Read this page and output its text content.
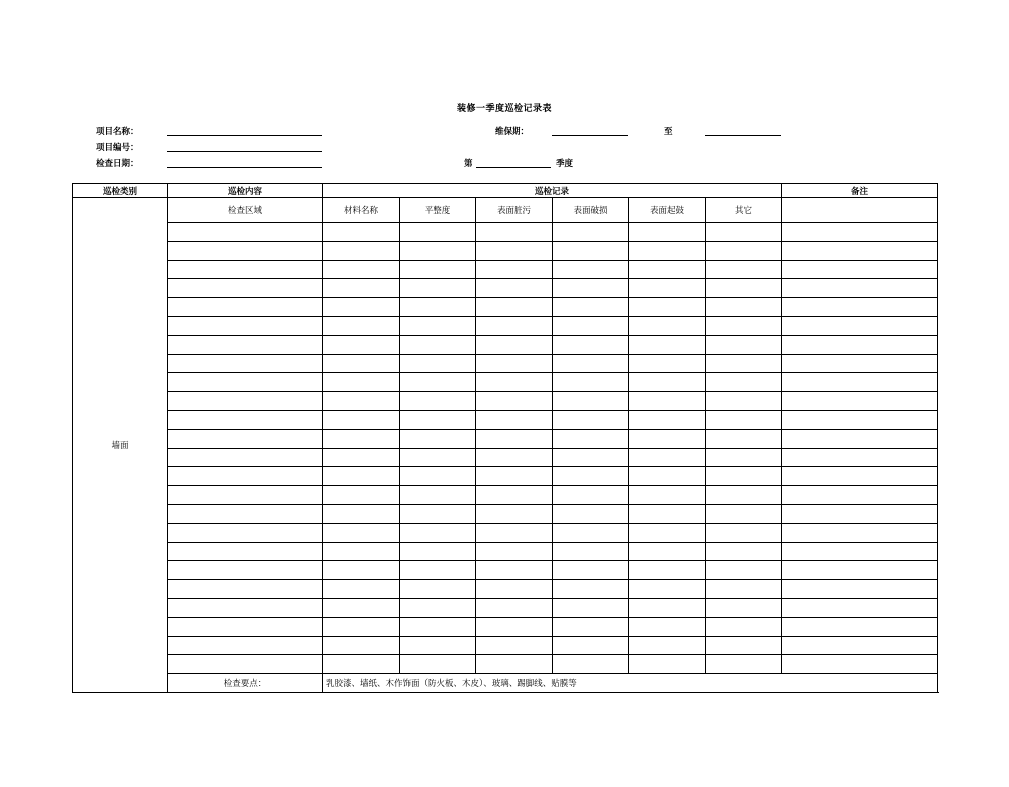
装修一季度巡检记录表
项目名称：
项目编号：
检查日期：
维保期：	至
第	季度
巡检类别	巡检内容	巡检记录						备注
墙面	检查区域	材料名称	平整度	表面脏污	表面破损	表面起鼓	其它	

	检查要点：	乳胶漆、墙纸、木作饰面（防火板、木皮）、玻璃、踢脚线、贴膜等						
